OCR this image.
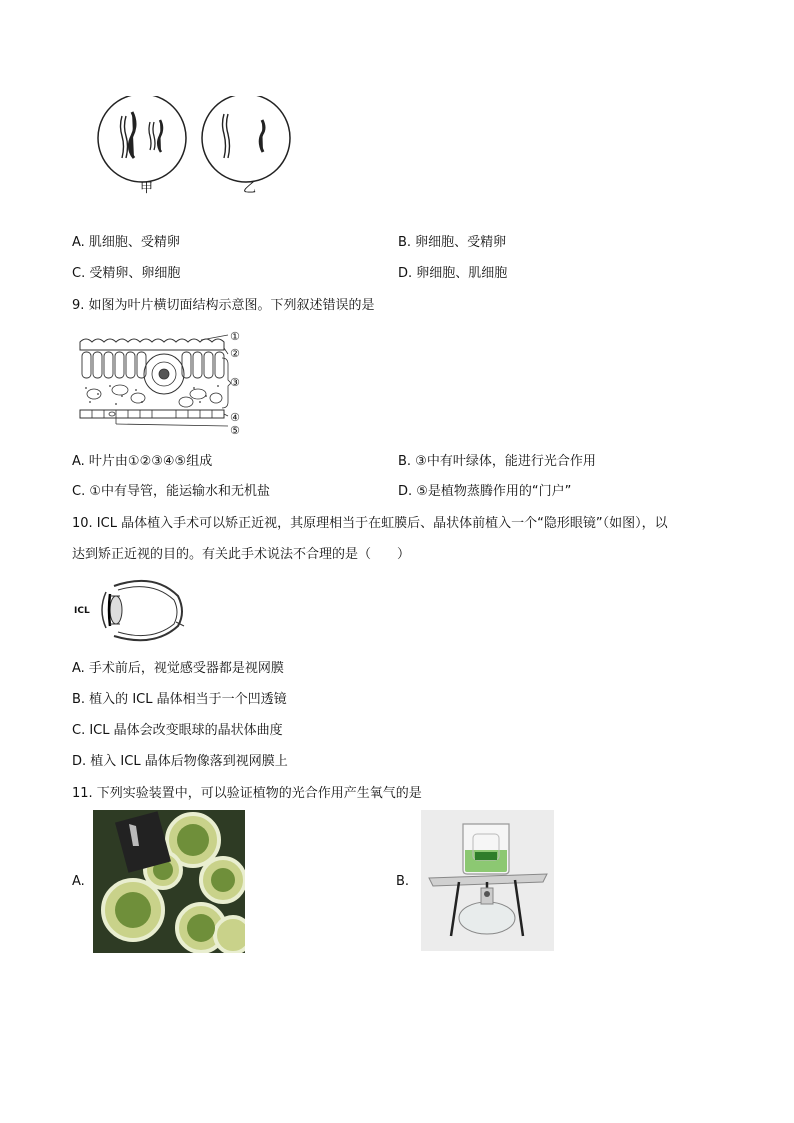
甲	乙
A. 肌细胞、受精卵	B. 卵细胞、受精卵
C. 受精卵、卵细胞	D. 卵细胞、肌细胞
9. 如图为叶片横切面结构示意图。下列叙述错误的是
①
②
③
④
⑤
A. 叶片由①②③④⑤组成	B. ③中有叶绿体，能进行光合作用
C. ①中有导管，能运输水和无机盐	D. ⑤是植物蒸腾作用的“门户”
10. ICL 晶体植入手术可以矫正近视，其原理相当于在虹膜后、晶状体前植入一个“隐形眼镜”（如图），以
达到矫正近视的目的。有关此手术说法不合理的是（　　）
ICL
A. 手术前后，视觉感受器都是视网膜
B. 植入的 ICL 晶体相当于一个凹透镜
C. ICL 晶体会改变眼球的晶状体曲度
D. 植入 ICL 晶体后物像落到视网膜上
11. 下列实验装置中，可以验证植物的光合作用产生氧气的是
A.	B.
